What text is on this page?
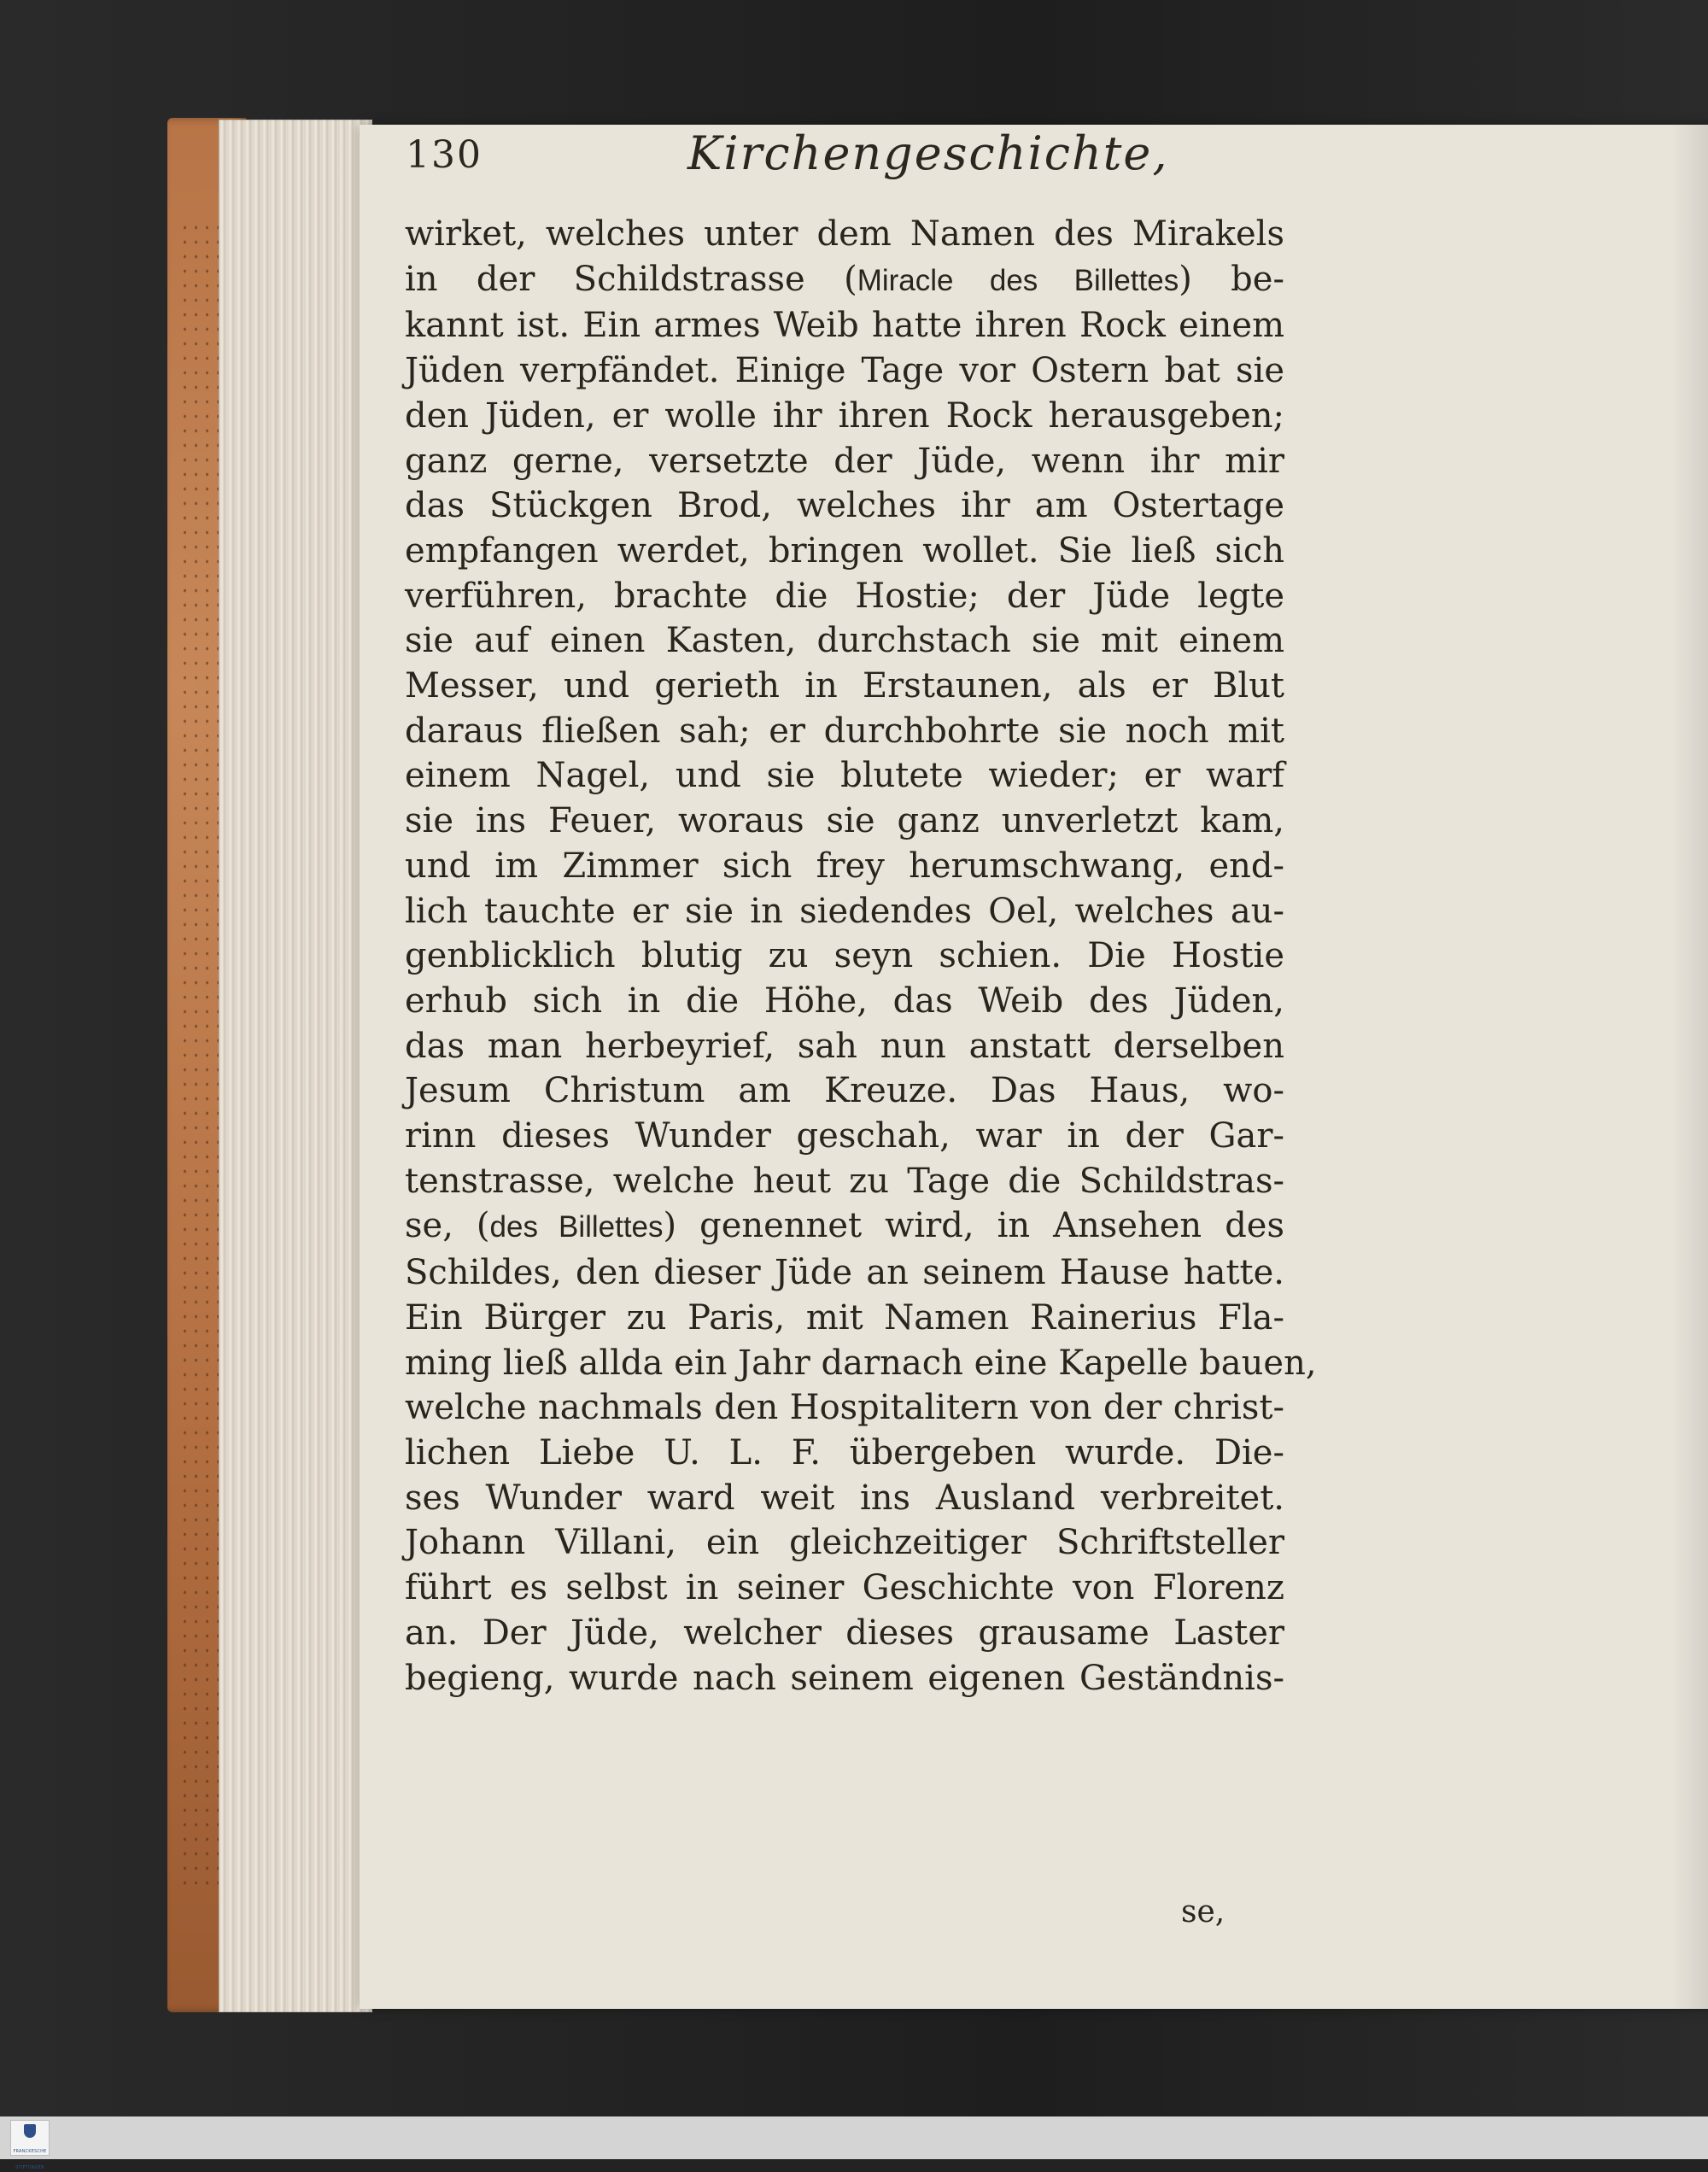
130	Kirchengeschichte,
wirket, welches unter dem Namen des Mirakels
in der Schildstrasse (Miracle des Billettes) be-
kannt ist. Ein armes Weib hatte ihren Rock einem
Jüden verpfändet. Einige Tage vor Ostern bat sie
den Jüden, er wolle ihr ihren Rock herausgeben;
ganz gerne, versetzte der Jüde, wenn ihr mir
das Stückgen Brod, welches ihr am Ostertage
empfangen werdet, bringen wollet. Sie ließ sich
verführen, brachte die Hostie; der Jüde legte
sie auf einen Kasten, durchstach sie mit einem
Messer, und gerieth in Erstaunen, als er Blut
daraus fließen sah; er durchbohrte sie noch mit
einem Nagel, und sie blutete wieder; er warf
sie ins Feuer, woraus sie ganz unverletzt kam,
und im Zimmer sich frey herumschwang, end-
lich tauchte er sie in siedendes Oel, welches au-
genblicklich blutig zu seyn schien. Die Hostie
erhub sich in die Höhe, das Weib des Jüden,
das man herbeyrief, sah nun anstatt derselben
Jesum Christum am Kreuze. Das Haus, wo-
rinn dieses Wunder geschah, war in der Gar-
tenstrasse, welche heut zu Tage die Schildstras-
se, (des Billettes) genennet wird, in Ansehen des
Schildes, den dieser Jüde an seinem Hause hatte.
Ein Bürger zu Paris, mit Namen Rainerius Fla-
ming ließ allda ein Jahr darnach eine Kapelle bauen,
welche nachmals den Hospitalitern von der christ-
lichen Liebe U. L. F. übergeben wurde. Die-
ses Wunder ward weit ins Ausland verbreitet.
Johann Villani, ein gleichzeitiger Schriftsteller
führt es selbst in seiner Geschichte von Florenz
an. Der Jüde, welcher dieses grausame Laster
begieng, wurde nach seinem eigenen Geständnis-
se,
FRANCKESCHE STIFTUNGEN
